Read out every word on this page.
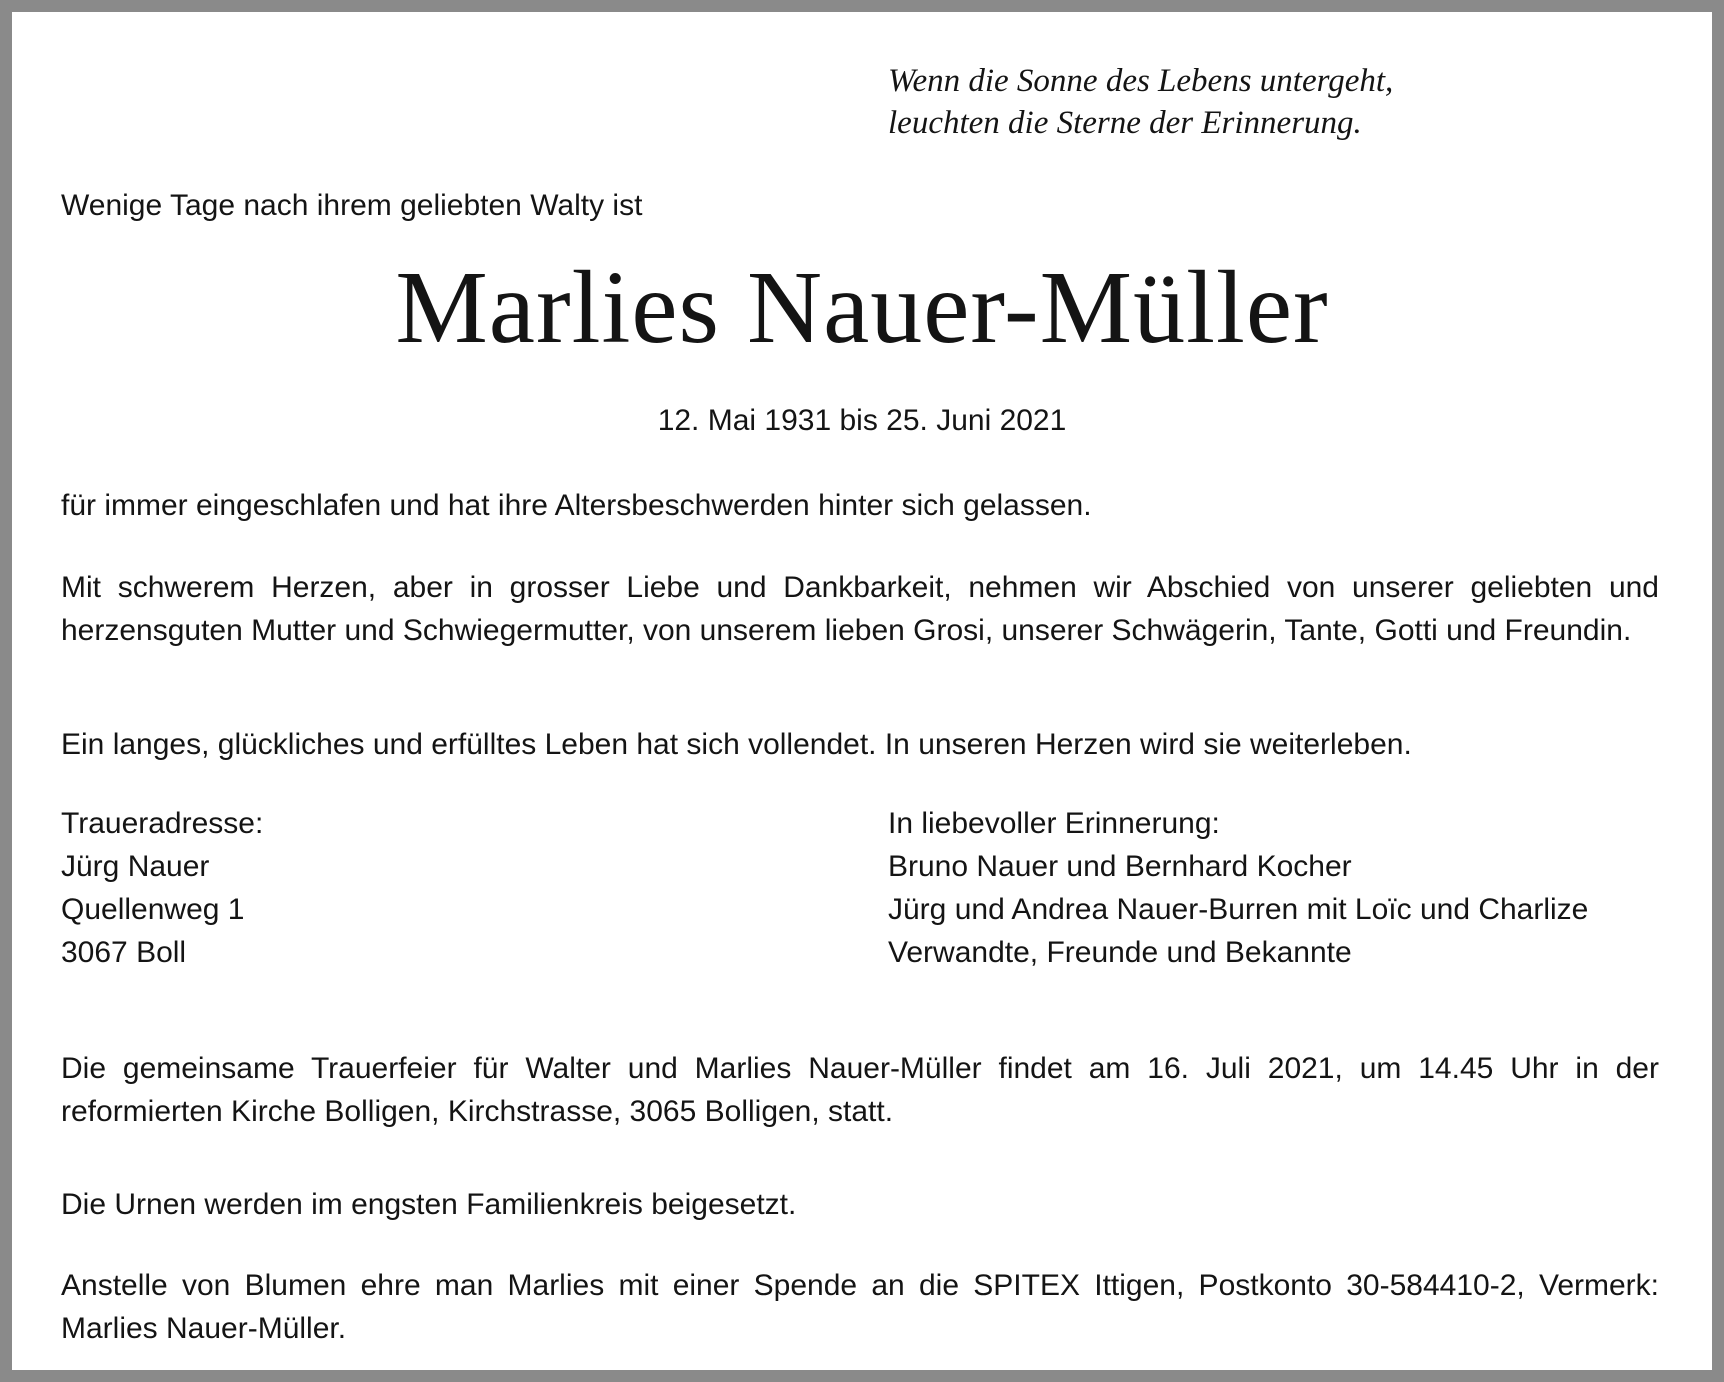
Wenn die Sonne des Lebens untergeht,
leuchten die Sterne der Erinnerung.

Wenige Tage nach ihrem geliebten Walty ist

Marlies Nauer-Müller

12. Mai 1931 bis 25. Juni 2021

für immer eingeschlafen und hat ihre Altersbeschwerden hinter sich gelassen.

Mit schwerem Herzen, aber in grosser Liebe und Dankbarkeit, nehmen wir Abschied von unserer geliebten und herzensguten Mutter und Schwiegermutter, von unserem lieben Grosi, unserer Schwägerin, Tante, Gotti und Freundin.

Ein langes, glückliches und erfülltes Leben hat sich vollendet. In unseren Herzen wird sie weiterleben.

Traueradresse:
Jürg Nauer
Quellenweg 1
3067 Boll
In liebevoller Erinnerung:
Bruno Nauer und Bernhard Kocher
Jürg und Andrea Nauer-Burren mit Loïc und Charlize
Verwandte, Freunde und Bekannte

Die gemeinsame Trauerfeier für Walter und Marlies Nauer-Müller findet am 16. Juli 2021, um 14.45 Uhr in der reformierten Kirche Bolligen, Kirchstrasse, 3065 Bolligen, statt.

Die Urnen werden im engsten Familienkreis beigesetzt.

Anstelle von Blumen ehre man Marlies mit einer Spende an die SPITEX Ittigen, Postkonto 30-584410-2, Vermerk: Marlies Nauer-Müller.
